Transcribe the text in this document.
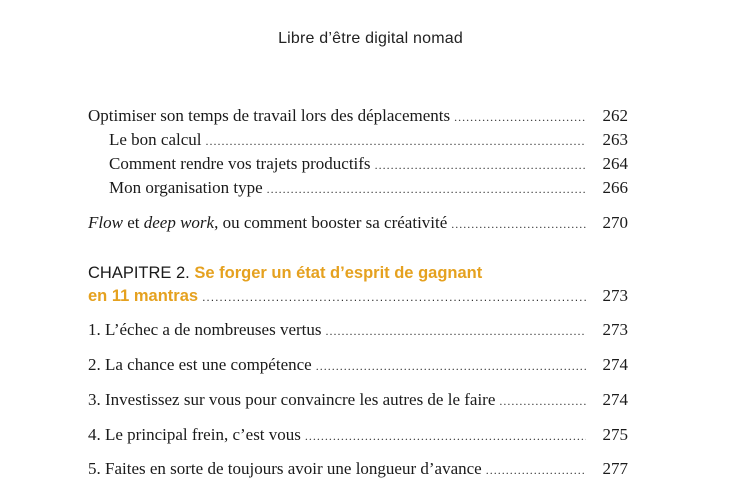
Libre d’être digital nomad
Optimiser son temps de travail lors des déplacements .....	262
Le bon calcul .....	263
Comment rendre vos trajets productifs .....	264
Mon organisation type .....	266
Flow et deep work, ou comment booster sa créativité .....	270
CHAPITRE 2. Se forger un état d’esprit de gagnant
en 11 mantras .....	273
1. L’échec a de nombreuses vertus .....	273
2. La chance est une compétence .....	274
3. Investissez sur vous pour convaincre les autres de le faire .....	274
4. Le principal frein, c’est vous .....	275
5. Faites en sorte de toujours avoir une longueur d’avance .....	277
